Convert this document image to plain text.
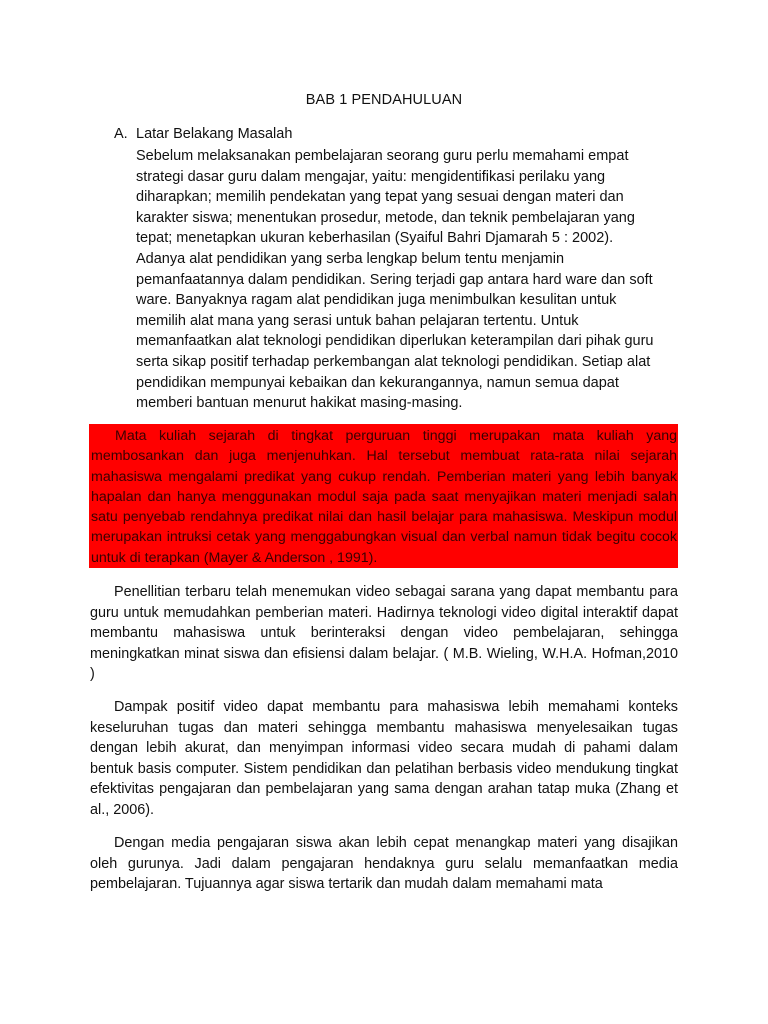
BAB 1 PENDAHULUAN
A. Latar Belakang Masalah
Sebelum melaksanakan pembelajaran seorang guru perlu memahami empat
strategi dasar guru dalam mengajar, yaitu: mengidentifikasi perilaku yang
diharapkan; memilih pendekatan yang tepat yang sesuai dengan materi dan
karakter siswa; menentukan prosedur, metode, dan teknik pembelajaran yang
tepat; menetapkan ukuran keberhasilan (Syaiful Bahri Djamarah 5 : 2002).
Adanya alat pendidikan yang serba lengkap belum tentu menjamin
pemanfaatannya dalam pendidikan. Sering terjadi gap antara hard ware dan soft
ware. Banyaknya ragam alat pendidikan juga menimbulkan kesulitan untuk
memilih alat mana yang serasi untuk bahan pelajaran tertentu. Untuk
memanfaatkan alat teknologi pendidikan diperlukan keterampilan dari pihak guru
serta sikap positif terhadap perkembangan alat teknologi pendidikan. Setiap alat
pendidikan mempunyai kebaikan dan kekurangannya, namun semua dapat
memberi bantuan menurut hakikat masing-masing.
Mata kuliah sejarah di tingkat perguruan tinggi merupakan mata kuliah yang membosankan dan juga menjenuhkan. Hal tersebut membuat rata-rata nilai sejarah mahasiswa mengalami predikat yang cukup rendah. Pemberian materi yang lebih banyak hapalan dan hanya menggunakan modul saja pada saat menyajikan materi menjadi salah satu penyebab rendahnya predikat nilai dan hasil belajar para mahasiswa. Meskipun modul merupakan intruksi cetak yang menggabungkan visual dan verbal namun tidak begitu cocok untuk di terapkan (Mayer & Anderson , 1991).
Penellitian terbaru telah menemukan video sebagai sarana yang dapat membantu para guru untuk memudahkan pemberian materi. Hadirnya teknologi video digital interaktif dapat membantu mahasiswa untuk berinteraksi dengan video pembelajaran, sehingga meningkatkan minat siswa dan efisiensi dalam belajar. ( M.B. Wieling, W.H.A. Hofman,2010 )
Dampak positif video dapat membantu para mahasiswa lebih memahami konteks keseluruhan tugas dan materi sehingga membantu mahasiswa menyelesaikan tugas dengan lebih akurat, dan menyimpan informasi video secara mudah di pahami dalam bentuk basis computer. Sistem pendidikan dan pelatihan berbasis video mendukung tingkat efektivitas pengajaran dan pembelajaran yang sama dengan arahan tatap muka (Zhang et al., 2006).
Dengan media pengajaran siswa akan lebih cepat menangkap materi yang disajikan oleh gurunya. Jadi dalam pengajaran hendaknya guru selalu memanfaatkan media pembelajaran. Tujuannya agar siswa tertarik dan mudah dalam memahami mata
